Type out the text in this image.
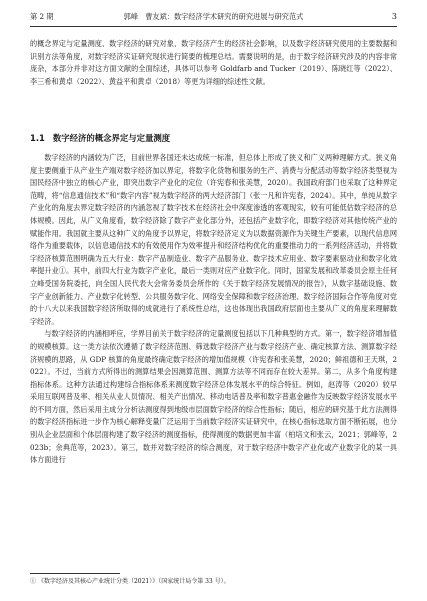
第 2 期	郭峰　曹友斌：数字经济学术研究的研究进展与研究范式	3

的概念界定与定量测度、数字经济的研究对象、数字经济产生的经济社会影响，以及数字经济研究使用的主要数据和识别方法等角度，对数字经济实证研究现状进行简要的梳理总结。需要说明的是，由于数字经济研究涉及的内容非常庞杂，本部分并非对这方面文献的全面综述，具体可以参考 Goldfarb and Tucker（2019）、陈晓红等（2022）、李三希和黄卓（2022）、黄益平和黄卓（2018）等更为详细的综述性文献。

1.1 数字经济的概念界定与定量测度

数字经济的内涵较为广泛，目前世界各国还未达成统一标准，但总体上形成了狭义和广义两种理解方式。狭义角度主要侧重于从产业生产端对数字经济加以界定，将数字化货物和服务的生产、消费与分配活动等数字经济类型视为国民经济中独立的核心产业，即突出数字产业化的定位（许宪春和张美慧，2020）。我国政府部门也采取了这种界定范畴，将“信息通信技术”和“数字内容”视为数字经济的两大经济部门（张一凡和许宪春，2024）。其中，单纯从数字产业化的角度去界定数字经济的内涵忽视了数字技术在经济社会中深度渗透的客观现实，较有可能低估数字经济的总体规模。因此，从广义角度看，数字经济除了数字产业化部分外，还包括产业数字化，即数字经济对其他传统产业的赋能作用。我国就主要从这种广义的角度予以界定，将数字经济定义为以数据资源作为关键生产要素，以现代信息网络作为重要载体，以信息通信技术的有效使用作为效率提升和经济结构优化的重要推动力的一系列经济活动，并将数字经济核算范围明确为五大行业：数字产品制造业、数字产品服务业、数字技术应用业、数字要素驱动业和数字化效率提升业①。其中，前四大行业为数字产业化，最后一类则对应产业数字化。同时，国家发展和改革委员会原主任何立峰受国务院委托，向全国人民代表大会常务委员会所作的《关于数字经济发展情况的报告》，从数字基础设施、数字产业创新能力、产业数字化转型、公共服务数字化、网络安全保障和数字经济治理、数字经济国际合作等角度对党的十八大以来我国数字经济所取得的成就进行了系统性总结，这也体现出我国政府层面也主要从广义的角度来理解数字经济。

与数字经济的内涵相呼应，学界目前关于数字经济的定量测度包括以下几种典型的方式。第一，数字经济增加值的规模核算。这一类方法依次遵循了数字经济范围、筛选数字经济产业与数字经济产业、确定核算方法、测算数字经济规模的思路，从 GDP 核算的角度最终确定数字经济的增加值规模（许宪春和张美慧，2020；鲜祖德和王天琪，2022）。不过，当前方式所得出的测算结果会因测算范围、测算方法等不同而存在较大差异。第二，从多个角度构建指标体系。这种方法通过构建综合指标体系来测度数字经济总体发展水平的综合特征。例如，赵涛等（2020）较早采用互联网普及率、相关从业人员情况、相关产出情况、移动电话普及率和数字普惠金融作为反映数字经济发展水平的不同方面，然后采用主成分分析法测度得到地级市层面数字经济的综合性指标；随后，相应的研究基于此方法测得的数字经济指标进一步作为核心解释变量广泛运用于当前数字经济实证研究中，在核心指标选取方面不断拓展，也分别从企业层面和个体层面构建了数字经济的测度指标，使得测度的数据更加丰富（柏培文和张云，2021；郭峰等，2023b；余典范等，2023）。第三，数并对数字经济的综合测度，对于数字经济中数字产业化或产业数字化的某一具体方面进行

① 《数字经济及其核心产业统计分类（2021）》（国家统计局令第 33 号）。
